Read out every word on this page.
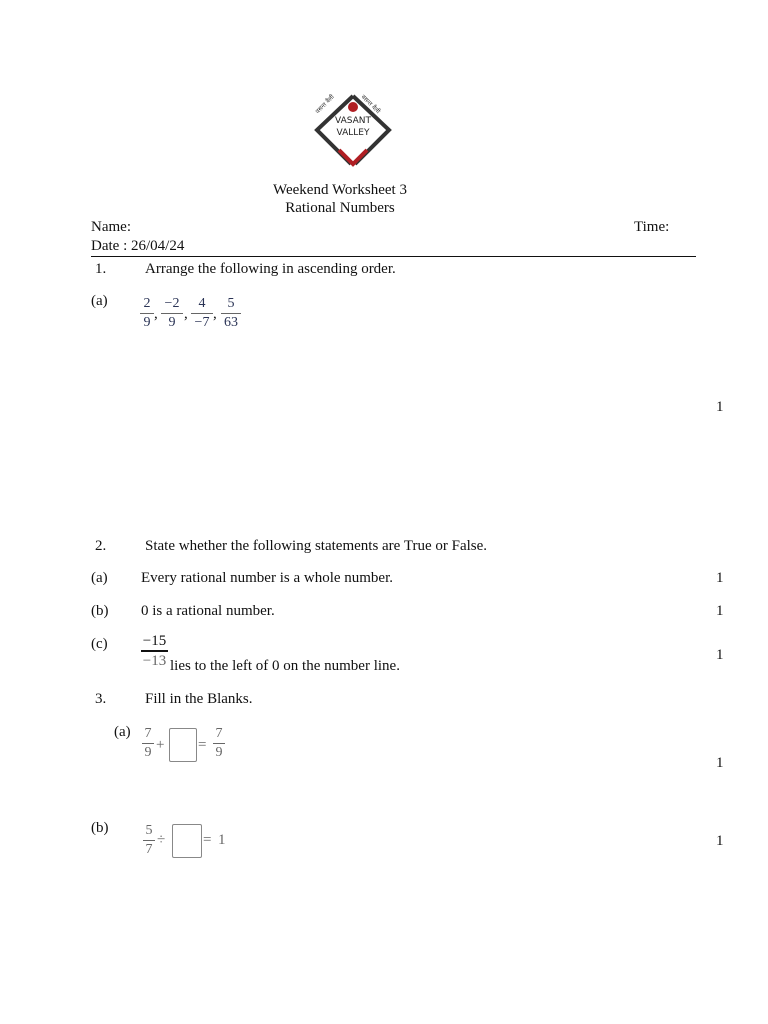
वसन्त वैली	वसन्त वैली
VASANT
VALLEY
Weekend Worksheet 3
Rational Numbers
Name:	Time:
Date : 26/04/24
1.	Arrange the following in ascending order.
(a)	2
9
,
−2
9
,
4
−7
,
5
63
1
2.	State whether the following statements are True or False.
(a) Every rational number is a whole number.	1
(b) 0 is a rational number.	1
(c) −15
−13 lies to the left of 0 on the number line.
1
3.	Fill in the Blanks.
(a) 7
9 + =
7
9
1
(b)	5
7
÷	= 1	1
